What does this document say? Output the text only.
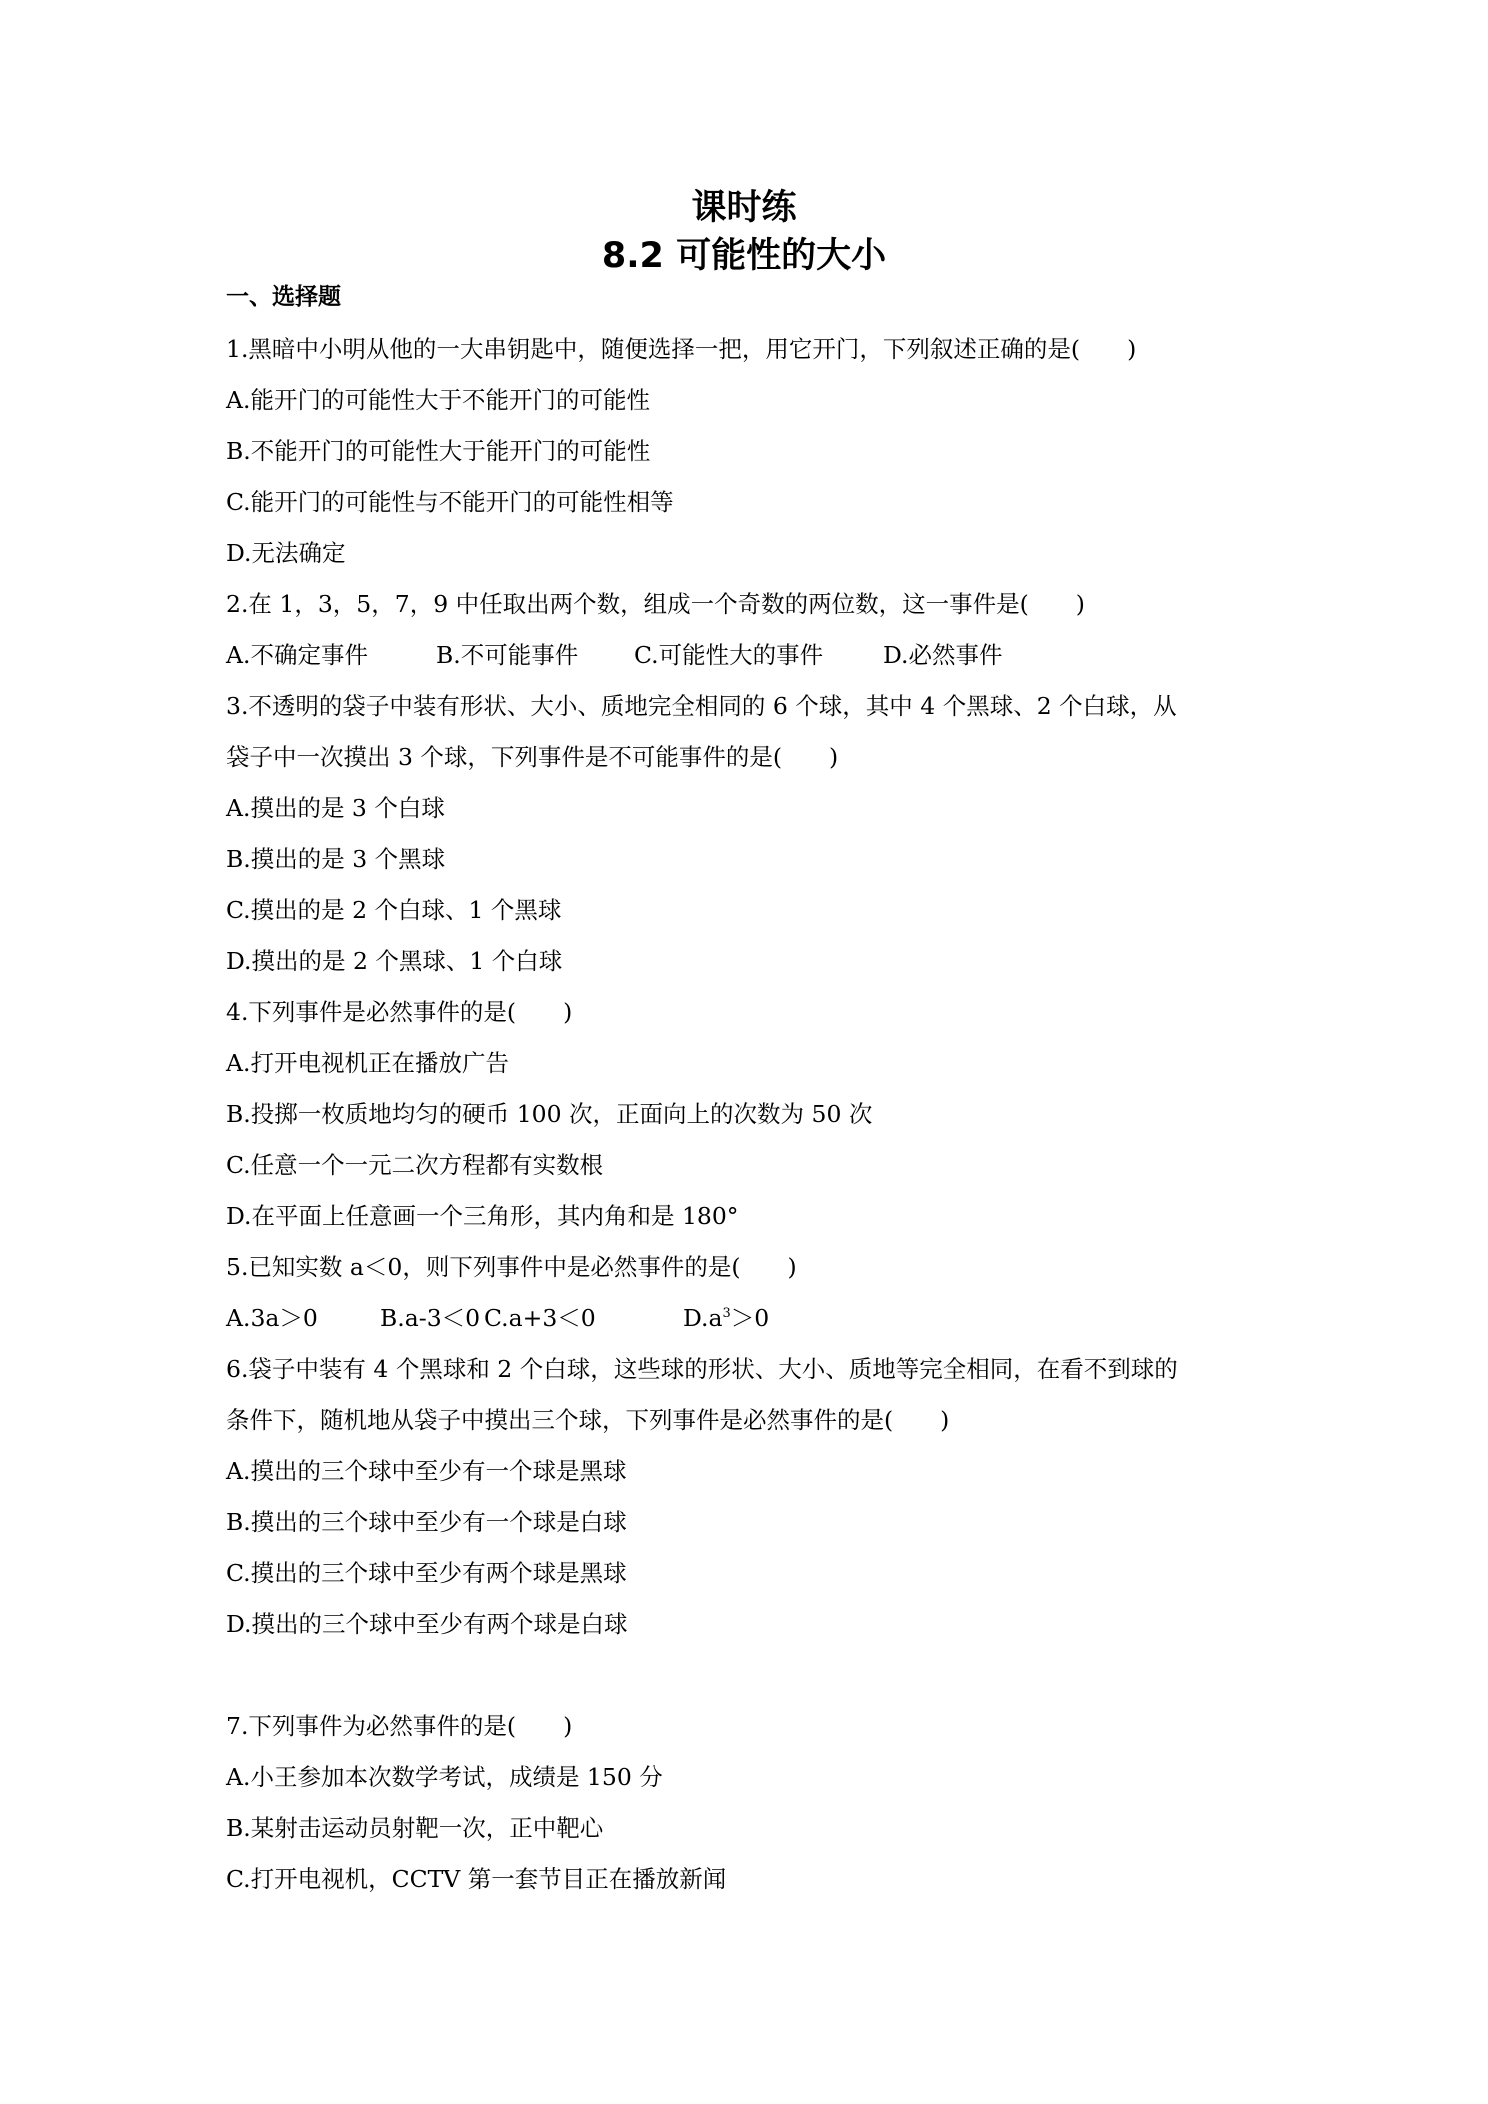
课时练
8.2 可能性的大小
一、选择题
1.黑暗中小明从他的一大串钥匙中，随便选择一把，用它开门，下列叙述正确的是(　　)
A.能开门的可能性大于不能开门的可能性
B.不能开门的可能性大于能开门的可能性
C.能开门的可能性与不能开门的可能性相等
D.无法确定
2.在 1，3，5，7，9 中任取出两个数，组成一个奇数的两位数，这一事件是(　　)

A.不确定事件

	B.不可能事件

C.可能性大的事件

	D.必然事件

3.不透明的袋子中装有形状、大小、质地完全相同的 6 个球，其中 4 个黑球、2 个白球，从
袋子中一次摸出 3 个球，下列事件是不可能事件的是(　　)
A.摸出的是 3 个白球
B.摸出的是 3 个黑球
C.摸出的是 2 个白球、1 个黑球
D.摸出的是 2 个黑球、1 个白球
4.下列事件是必然事件的是(　　)
A.打开电视机正在播放广告
B.投掷一枚质地均匀的硬币 100 次，正面向上的次数为 50 次
C.任意一个一元二次方程都有实数根
D.在平面上任意画一个三角形，其内角和是 180°
5.已知实数 a＜0，则下列事件中是必然事件的是(　　)

A.3a＞0

	B.a-3＜0

C.a+3＜0

	$D.a^3>0$

6.袋子中装有 4 个黑球和 2 个白球，这些球的形状、大小、质地等完全相同，在看不到球的
条件下，随机地从袋子中摸出三个球，下列事件是必然事件的是(　　)
A.摸出的三个球中至少有一个球是黑球
B.摸出的三个球中至少有一个球是白球
C.摸出的三个球中至少有两个球是黑球
D.摸出的三个球中至少有两个球是白球
7.下列事件为必然事件的是(　　)
A.小王参加本次数学考试，成绩是 150 分
B.某射击运动员射靶一次，正中靶心
C.打开电视机，CCTV 第一套节目正在播放新闻
